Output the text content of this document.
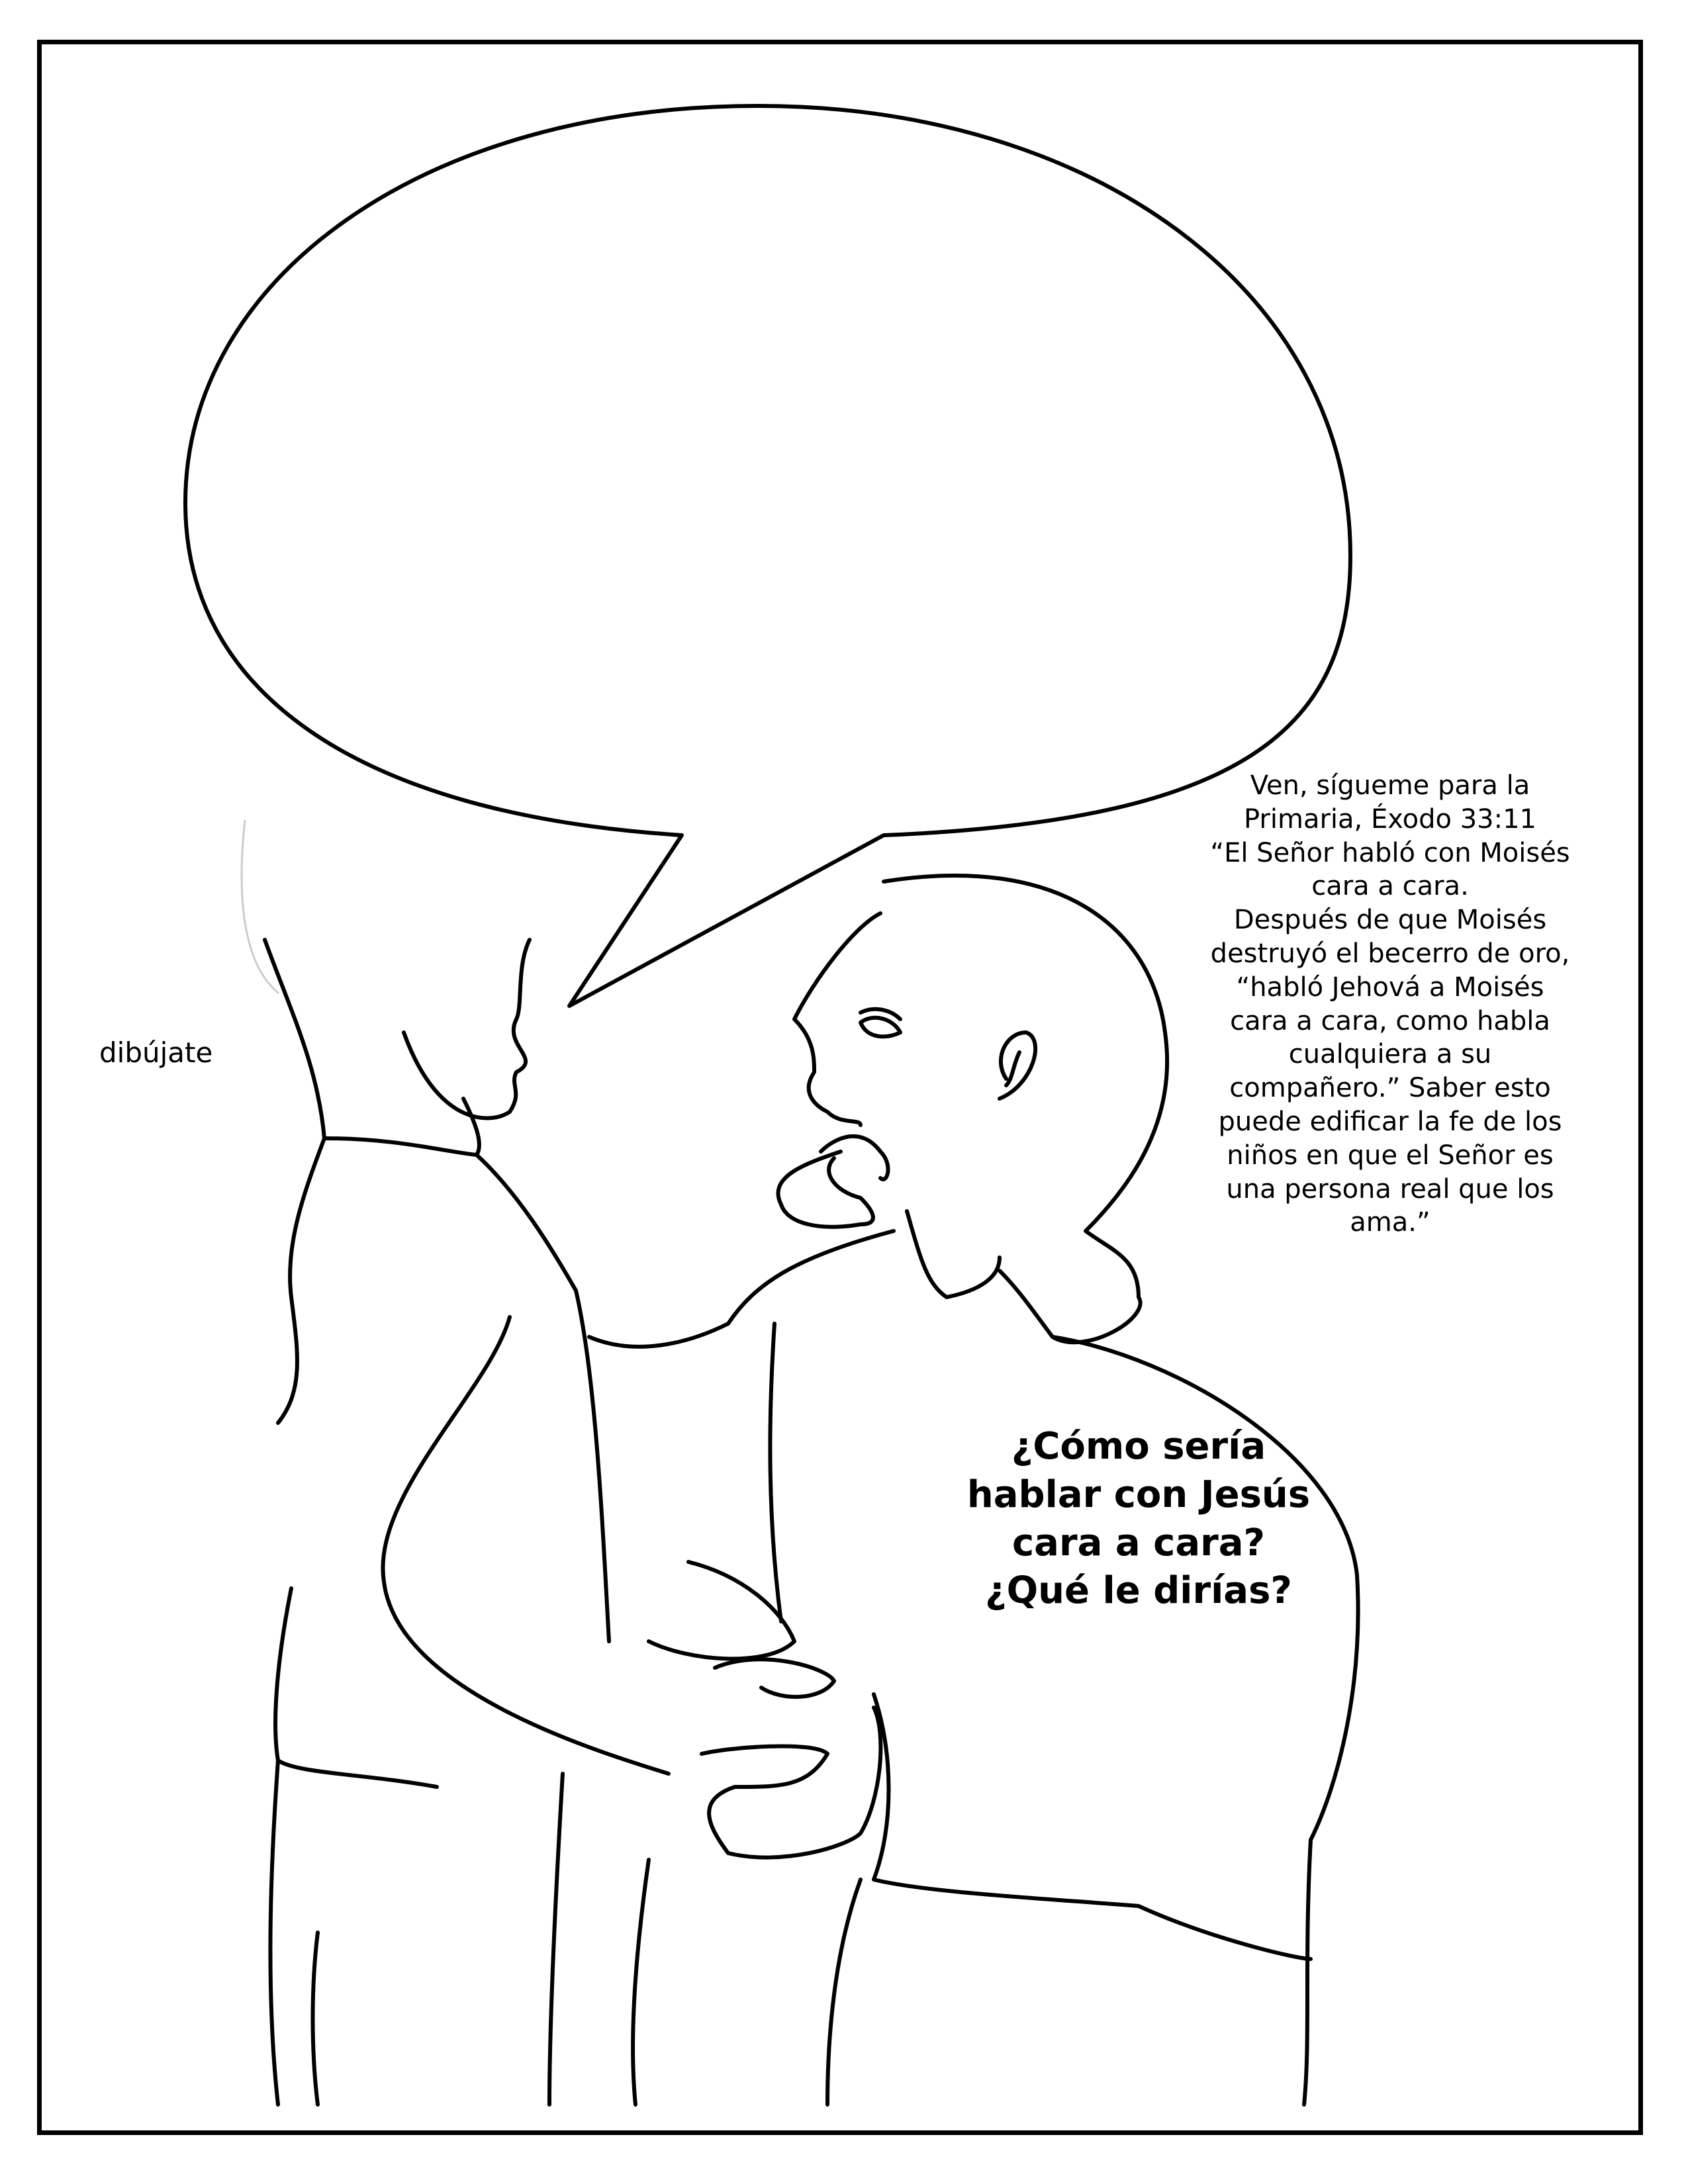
dibújate
Ven, sígueme para la
Primaria, Éxodo 33:11
“El Señor habló con Moisés
cara a cara.
Después de que Moisés
destruyó el becerro de oro,
“habló Jehová a Moisés
cara a cara, como habla
cualquiera a su
compañero.” Saber esto
puede edificar la fe de los
niños en que el Señor es
una persona real que los
ama.”
¿Cómo sería
hablar con Jesús
cara a cara?
¿Qué le dirías?
